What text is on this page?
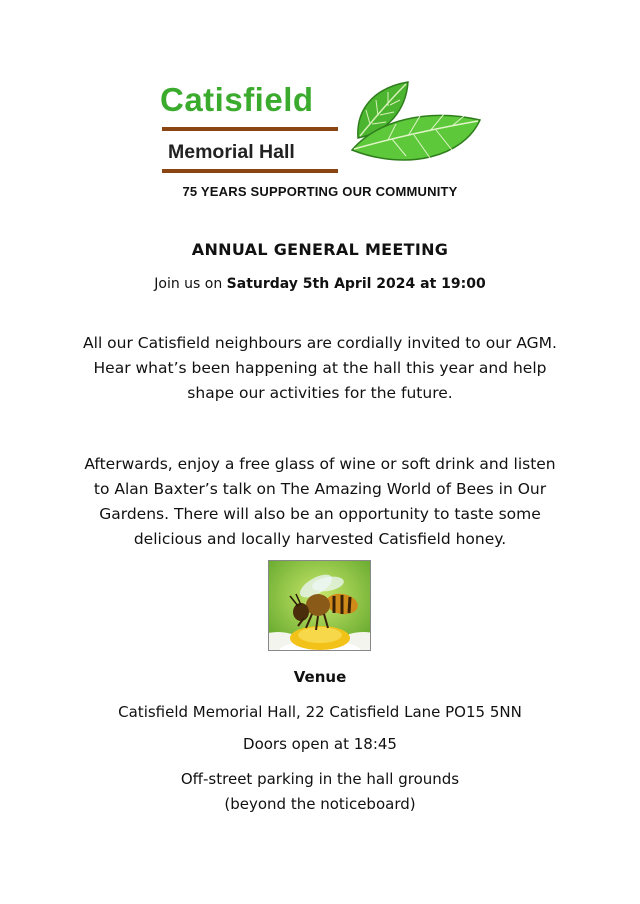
Catisfield
Memorial Hall
75 YEARS SUPPORTING OUR COMMUNITY
ANNUAL GENERAL MEETING
Join us on Saturday 5th April 2024 at 19:00
All our Catisfield neighbours are cordially invited to our AGM.
Hear what’s been happening at the hall this year and help
shape our activities for the future.
Afterwards, enjoy a free glass of wine or soft drink and listen
to Alan Baxter’s talk on The Amazing World of Bees in Our
Gardens. There will also be an opportunity to taste some
delicious and locally harvested Catisfield honey.
Venue
Catisfield Memorial Hall, 22 Catisfield Lane PO15 5NN
Doors open at 18:45
Off-street parking in the hall grounds
(beyond the noticeboard)
